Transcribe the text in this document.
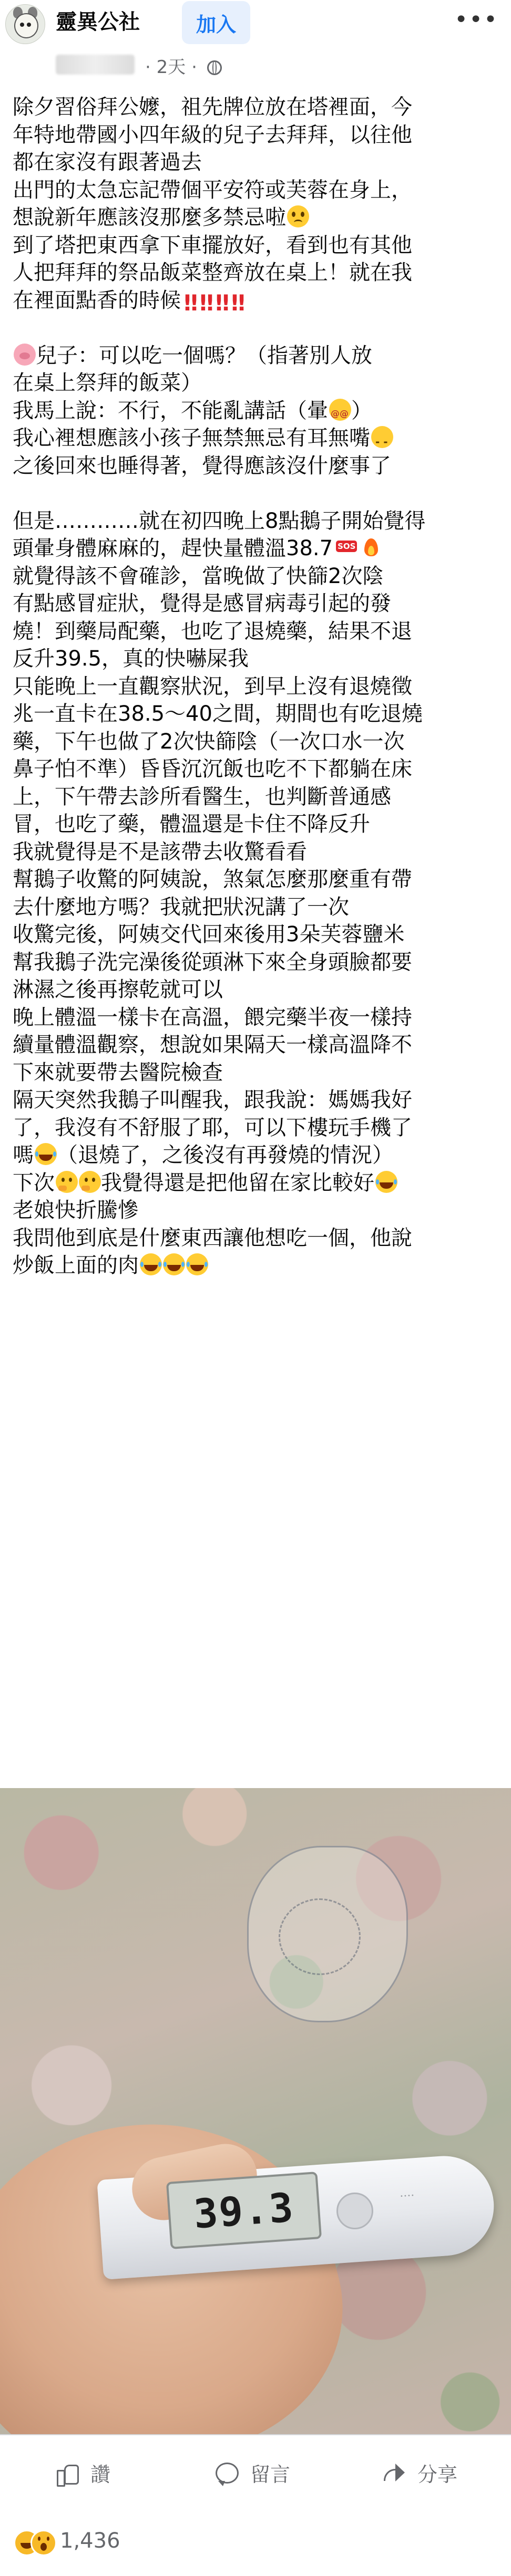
靈異公社	加入	•••
· 2天 ·
除夕習俗拜公嬤，祖先牌位放在塔裡面，今
年特地帶國小四年級的兒子去拜拜，以往他
都在家沒有跟著過去
出門的太急忘記帶個平安符或芙蓉在身上，
想說新年應該沒那麼多禁忌啦
到了塔把東西拿下車擺放好，看到也有其他
人把拜拜的祭品飯菜整齊放在桌上！就在我
在裡面點香的時候!!!!!!!!
兒子：可以吃一個嗎？（指著別人放
在桌上祭拜的飯菜）
我馬上說：不行，不能亂講話（暈@@ ）
我心裡想應該小孩子無禁無忌有耳無嘴- -
之後回來也睡得著，覺得應該沒什麼事了
但是…………就在初四晚上8點鵝子開始覺得
頭暈身體麻麻的，趕快量體溫38.7 SOS
就覺得該不會確診，當晚做了快篩2次陰
有點感冒症狀，覺得是感冒病毒引起的發
燒！到藥局配藥，也吃了退燒藥，結果不退
反升39.5，真的快嚇屎我
只能晚上一直觀察狀況，到早上沒有退燒徵
兆一直卡在38.5～40之間，期間也有吃退燒
藥，下午也做了2次快篩陰（一次口水一次
鼻子怕不準）昏昏沉沉飯也吃不下都躺在床
上，下午帶去診所看醫生，也判斷普通感
冒，也吃了藥，體溫還是卡住不降反升
我就覺得是不是該帶去收驚看看
幫鵝子收驚的阿姨說，煞氣怎麼那麼重有帶
去什麼地方嗎？我就把狀況講了一次
收驚完後，阿姨交代回來後用3朵芙蓉鹽米
幫我鵝子洗完澡後從頭淋下來全身頭臉都要
淋濕之後再擦乾就可以
晚上體溫一樣卡在高溫，餵完藥半夜一樣持
續量體溫觀察，想說如果隔天一樣高溫降不
下來就要帶去醫院檢查
隔天突然我鵝子叫醒我，跟我說：媽媽我好
了，我沒有不舒服了耶，可以下樓玩手機了
嗎 （退燒了，之後沒有再發燒的情況）
下次 我覺得還是把他留在家比較好
老娘快折騰慘
我問他到底是什麼東西讓他想吃一個，他說
炒飯上面的肉
39.3	....
讚	留言	分享
1,436
